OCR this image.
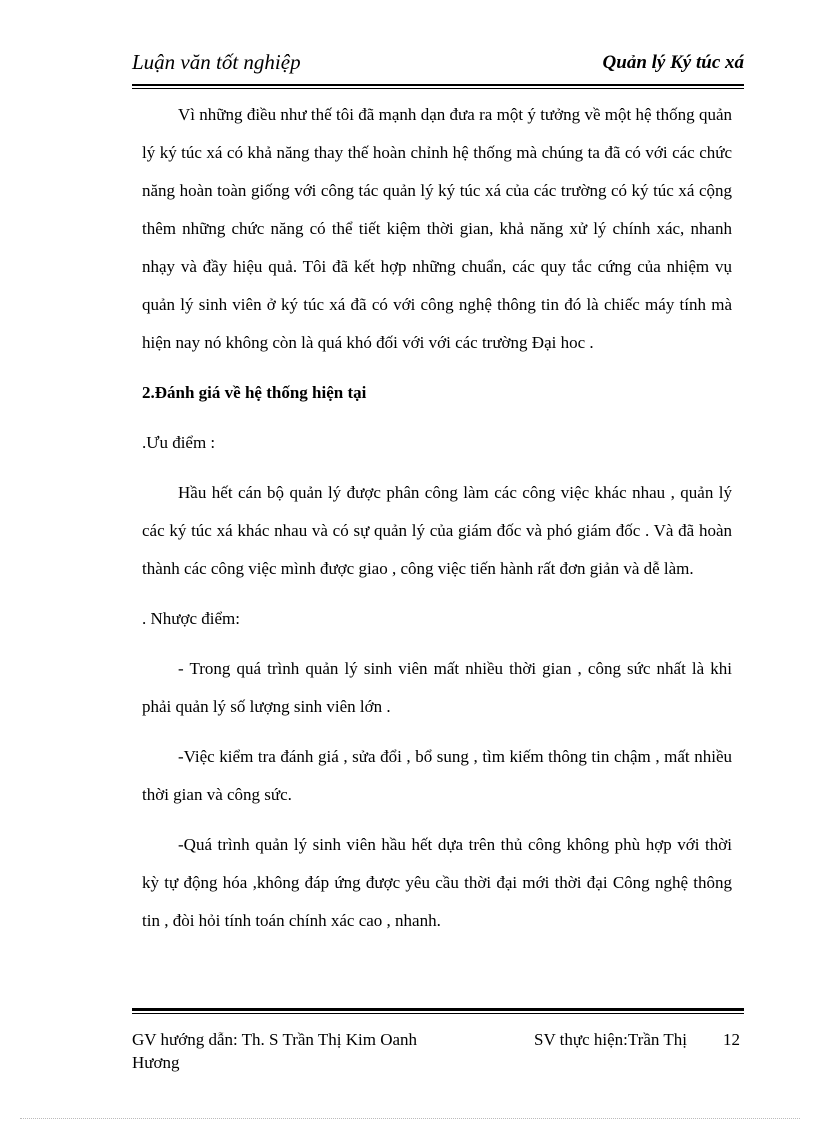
Luận văn tốt nghiệp	Quản lý Ký túc xá

Vì những điều như thế tôi đã mạnh dạn đưa ra một ý tưởng về một hệ thống quản lý ký túc xá có khả năng thay thế hoàn chỉnh hệ thống mà chúng ta đã có với các chức năng hoàn toàn giống với công tác quản lý ký túc xá của các trường có ký túc xá cộng thêm những chức năng có thể tiết kiệm thời gian, khả năng xử lý chính xác, nhanh nhạy và đầy hiệu quả. Tôi đã kết hợp những chuẩn, các quy tắc cứng của nhiệm vụ quản lý sinh viên ở ký túc xá đã có với công nghệ thông tin đó là chiếc máy tính mà hiện nay nó không còn là quá khó đối với với các trường Đại hoc .

2.Đánh giá về hệ thống hiện tại

.Ưu điểm :

Hầu hết cán bộ quản lý được phân công làm các công việc khác nhau , quản lý các ký túc xá khác nhau và có sự quản lý của giám đốc và phó giám đốc . Và đã hoàn thành các công việc mình được giao , công việc tiến hành rất đơn giản và dễ làm.

. Nhược điểm:

- Trong quá trình quản lý sinh viên mất nhiều thời gian , công sức nhất là khi phải quản lý số lượng sinh viên lớn .

-Việc kiểm tra đánh giá , sửa đổi , bổ sung , tìm kiếm thông tin chậm , mất nhiều thời gian và công sức.

-Quá trình quản lý sinh viên hầu hết dựa trên thủ công không phù hợp với thời kỳ tự động hóa ,không đáp ứng được yêu cầu thời đại mới thời đại Công nghệ thông tin , đòi hỏi tính toán chính xác cao , nhanh.

GV hướng dẫn: Th. S Trần Thị Kim Oanh
Hương
SV thực hiện:Trần Thị 12
